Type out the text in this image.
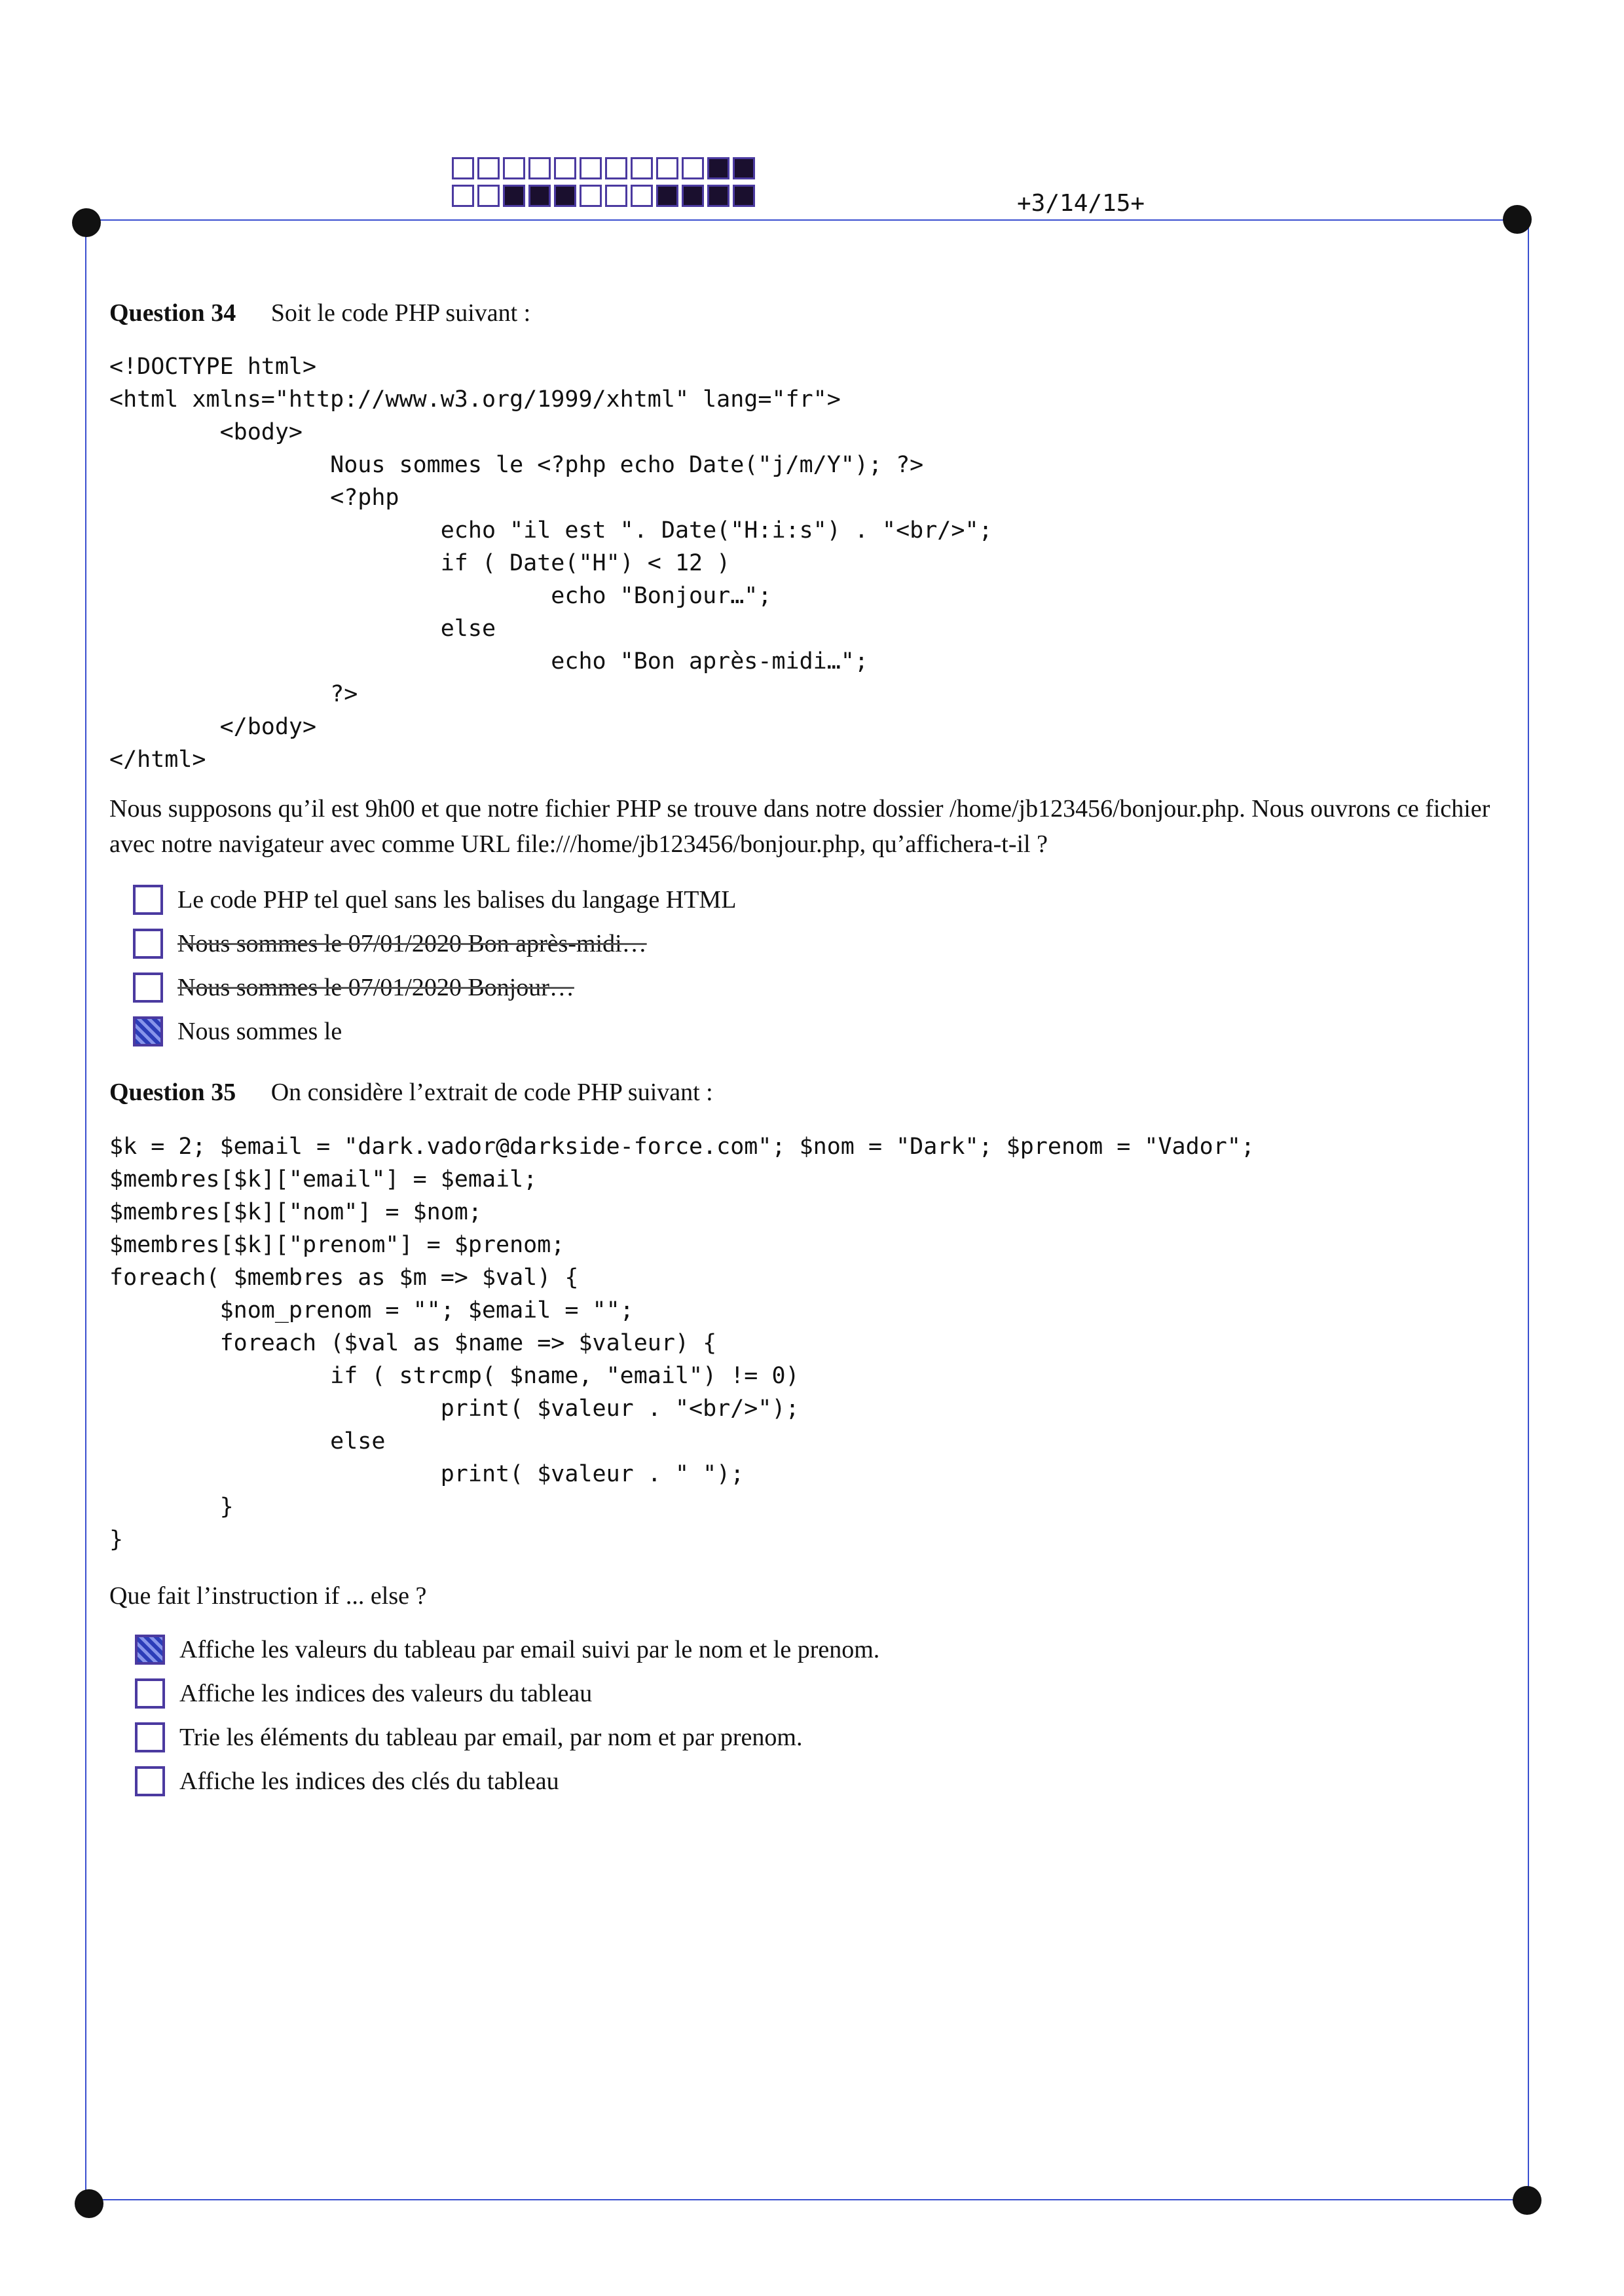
+3/14/15+
Question 34 Soit le code PHP suivant :
<!DOCTYPE html>
<html xmlns="http://www.w3.org/1999/xhtml" lang="fr">
<body>
Nous sommes le <?php echo Date("j/m/Y"); ?>
<?php
echo "il est ". Date("H:i:s") . "<br/>";
if ( Date("H") < 12 )
echo "Bonjour…";
else
echo "Bon après-midi…";
?>
</body>
</html>
Nous supposons qu’il est 9h00 et que notre fichier PHP se trouve dans notre dossier /home/jb123456/bonjour.php. Nous ouvrons ce fichier avec notre navigateur avec comme URL file:///home/jb123456/bonjour.php, qu’affichera-t-il ?
Le code PHP tel quel sans les balises du langage HTML
Nous sommes le 07/01/2020 Bon après-midi…
Nous sommes le 07/01/2020 Bonjour…
Nous sommes le
Question 35 On considère l’extrait de code PHP suivant :
$k = 2; $email = "dark.vador@darkside-force.com"; $nom = "Dark"; $prenom = "Vador";
$membres[$k]["email"] = $email;
$membres[$k]["nom"] = $nom;
$membres[$k]["prenom"] = $prenom;
foreach( $membres as $m => $val) {
$nom_prenom = ""; $email = "";
foreach ($val as $name => $valeur) {
if ( strcmp( $name, "email") != 0)
print( $valeur . "<br/>");
else
print( $valeur . " ");
}
}
Que fait l’instruction if ... else ?
Affiche les valeurs du tableau par email suivi par le nom et le prenom.
Affiche les indices des valeurs du tableau
Trie les éléments du tableau par email, par nom et par prenom.
Affiche les indices des clés du tableau
